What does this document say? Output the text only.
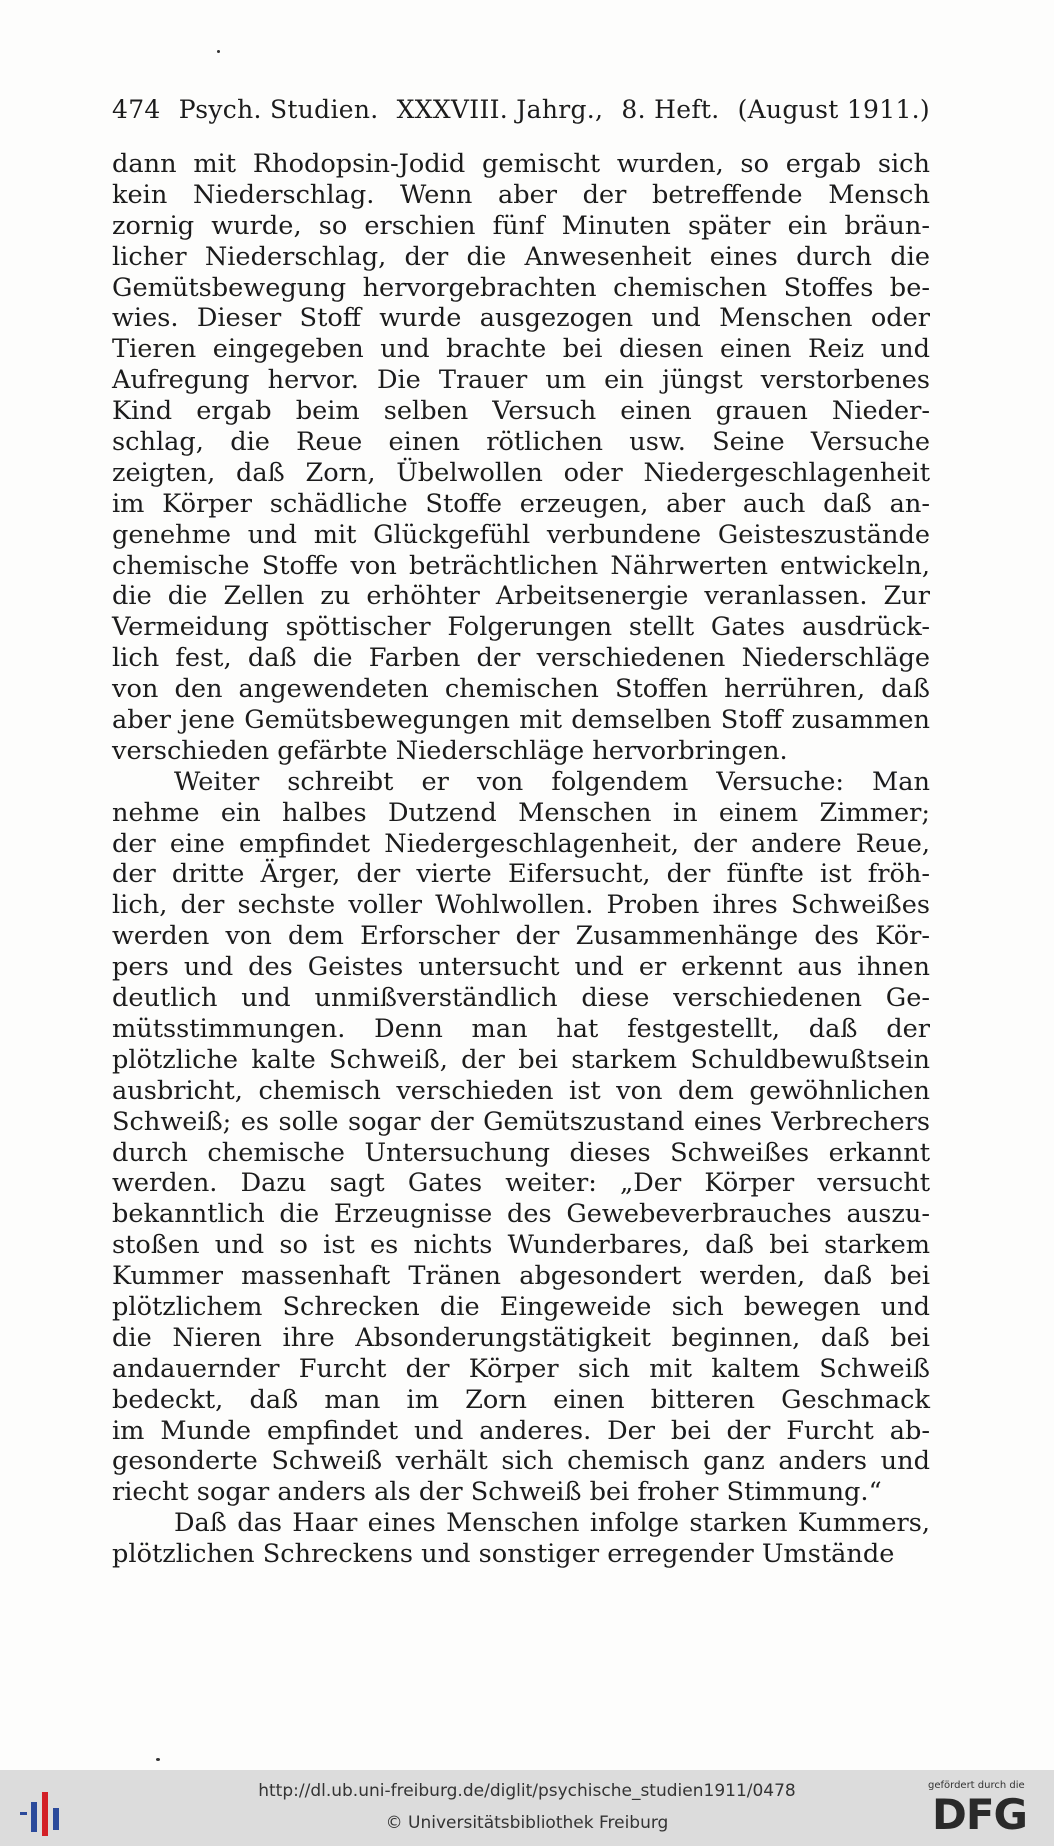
474 Psych. Studien. XXXVIII. Jahrg., 8. Heft. (August 1911.)
dann mit Rhodopsin-Jodid gemischt wurden, so ergab sich
kein Niederschlag. Wenn aber der betreffende Mensch
zornig wurde, so erschien fünf Minuten später ein bräun-
licher Niederschlag, der die Anwesenheit eines durch die
Gemütsbewegung hervorgebrachten chemischen Stoffes be-
wies. Dieser Stoff wurde ausgezogen und Menschen oder
Tieren eingegeben und brachte bei diesen einen Reiz und
Aufregung hervor. Die Trauer um ein jüngst verstorbenes
Kind ergab beim selben Versuch einen grauen Nieder-
schlag, die Reue einen rötlichen usw. Seine Versuche
zeigten, daß Zorn, Übelwollen oder Niedergeschlagenheit
im Körper schädliche Stoffe erzeugen, aber auch daß an-
genehme und mit Glückgefühl verbundene Geisteszustände
chemische Stoffe von beträchtlichen Nährwerten entwickeln,
die die Zellen zu erhöhter Arbeitsenergie veranlassen. Zur
Vermeidung spöttischer Folgerungen stellt Gates ausdrück-
lich fest, daß die Farben der verschiedenen Niederschläge
von den angewendeten chemischen Stoffen herrühren, daß
aber jene Gemütsbewegungen mit demselben Stoff zusammen
verschieden gefärbte Niederschläge hervorbringen.
Weiter schreibt er von folgendem Versuche: Man
nehme ein halbes Dutzend Menschen in einem Zimmer;
der eine empfindet Niedergeschlagenheit, der andere Reue,
der dritte Ärger, der vierte Eifersucht, der fünfte ist fröh-
lich, der sechste voller Wohlwollen. Proben ihres Schweißes
werden von dem Erforscher der Zusammenhänge des Kör-
pers und des Geistes untersucht und er erkennt aus ihnen
deutlich und unmißverständlich diese verschiedenen Ge-
mütsstimmungen. Denn man hat festgestellt, daß der
plötzliche kalte Schweiß, der bei starkem Schuldbewußtsein
ausbricht, chemisch verschieden ist von dem gewöhnlichen
Schweiß; es solle sogar der Gemütszustand eines Verbrechers
durch chemische Untersuchung dieses Schweißes erkannt
werden. Dazu sagt Gates weiter: „Der Körper versucht
bekanntlich die Erzeugnisse des Gewebeverbrauches auszu-
stoßen und so ist es nichts Wunderbares, daß bei starkem
Kummer massenhaft Tränen abgesondert werden, daß bei
plötzlichem Schrecken die Eingeweide sich bewegen und
die Nieren ihre Absonderungstätigkeit beginnen, daß bei
andauernder Furcht der Körper sich mit kaltem Schweiß
bedeckt, daß man im Zorn einen bitteren Geschmack
im Munde empfindet und anderes. Der bei der Furcht ab-
gesonderte Schweiß verhält sich chemisch ganz anders und
riecht sogar anders als der Schweiß bei froher Stimmung.“
Daß das Haar eines Menschen infolge starken Kummers,
plötzlichen Schreckens und sonstiger erregender Umstände
http://dl.ub.uni-freiburg.de/diglit/psychische_studien1911/0478
© Universitätsbibliothek Freiburg
gefördert durch die
DFG
